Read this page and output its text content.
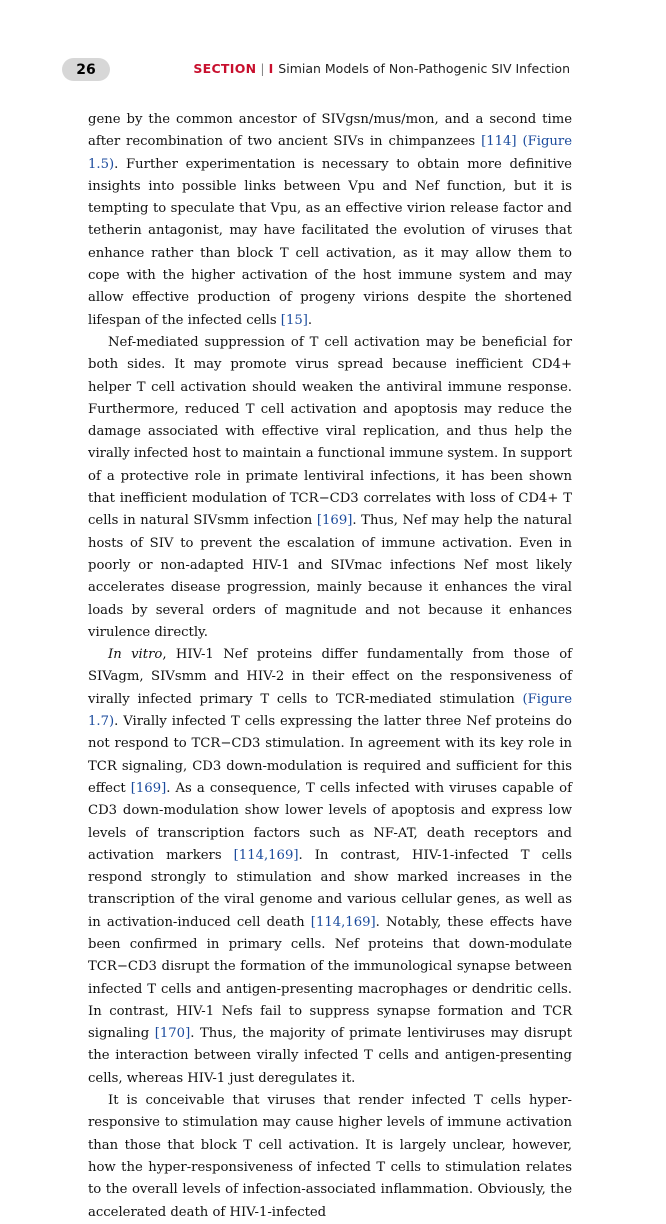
26	SECTION | I Simian Models of Non-Pathogenic SIV Infection

gene by the common ancestor of SIVgsn/mus/mon, and a second time after recombination of two ancient SIVs in chimpanzees [114] (Figure 1.5). Further experimentation is necessary to obtain more definitive insights into possible links between Vpu and Nef function, but it is tempting to speculate that Vpu, as an effective virion release factor and tetherin antagonist, may have facilitated the evolution of viruses that enhance rather than block T cell activation, as it may allow them to cope with the higher activation of the host immune system and may allow effective production of progeny virions despite the shortened lifespan of the infected cells [15].

Nef-mediated suppression of T cell activation may be beneficial for both sides. It may promote virus spread because inefficient CD4+ helper T cell activation should weaken the antiviral immune response. Furthermore, reduced T cell activation and apoptosis may reduce the damage associated with effective viral replication, and thus help the virally infected host to maintain a functional immune system. In support of a protective role in primate lentiviral infections, it has been shown that inefficient modulation of TCR−CD3 correlates with loss of CD4+ T cells in natural SIVsmm infection [169]. Thus, Nef may help the natural hosts of SIV to prevent the escalation of immune activation. Even in poorly or non-adapted HIV-1 and SIVmac infections Nef most likely accelerates disease progression, mainly because it enhances the viral loads by several orders of magnitude and not because it enhances virulence directly.

In vitro, HIV-1 Nef proteins differ fundamentally from those of SIVagm, SIVsmm and HIV-2 in their effect on the responsiveness of virally infected primary T cells to TCR-mediated stimulation (Figure 1.7). Virally infected T cells expressing the latter three Nef proteins do not respond to TCR−CD3 stimulation. In agreement with its key role in TCR signaling, CD3 down-modulation is required and sufficient for this effect [169]. As a consequence, T cells infected with viruses capable of CD3 down-modulation show lower levels of apoptosis and express low levels of transcription factors such as NF-AT, death receptors and activation markers [114,169]. In contrast, HIV-1-infected T cells respond strongly to stimulation and show marked increases in the transcription of the viral genome and various cellular genes, as well as in activation-induced cell death [114,169]. Notably, these effects have been confirmed in primary cells. Nef proteins that down-modulate TCR−CD3 disrupt the formation of the immunological synapse between infected T cells and antigen-presenting macrophages or dendritic cells. In contrast, HIV-1 Nefs fail to suppress synapse formation and TCR signaling [170]. Thus, the majority of primate lentiviruses may disrupt the interaction between virally infected T cells and antigen-presenting cells, whereas HIV-1 just deregulates it.

It is conceivable that viruses that render infected T cells hyper-responsive to stimulation may cause higher levels of immune activation than those that block T cell activation. It is largely unclear, however, how the hyper-responsiveness of infected T cells to stimulation relates to the overall levels of infection-associated inflammation. Obviously, the accelerated death of HIV-1-infected
